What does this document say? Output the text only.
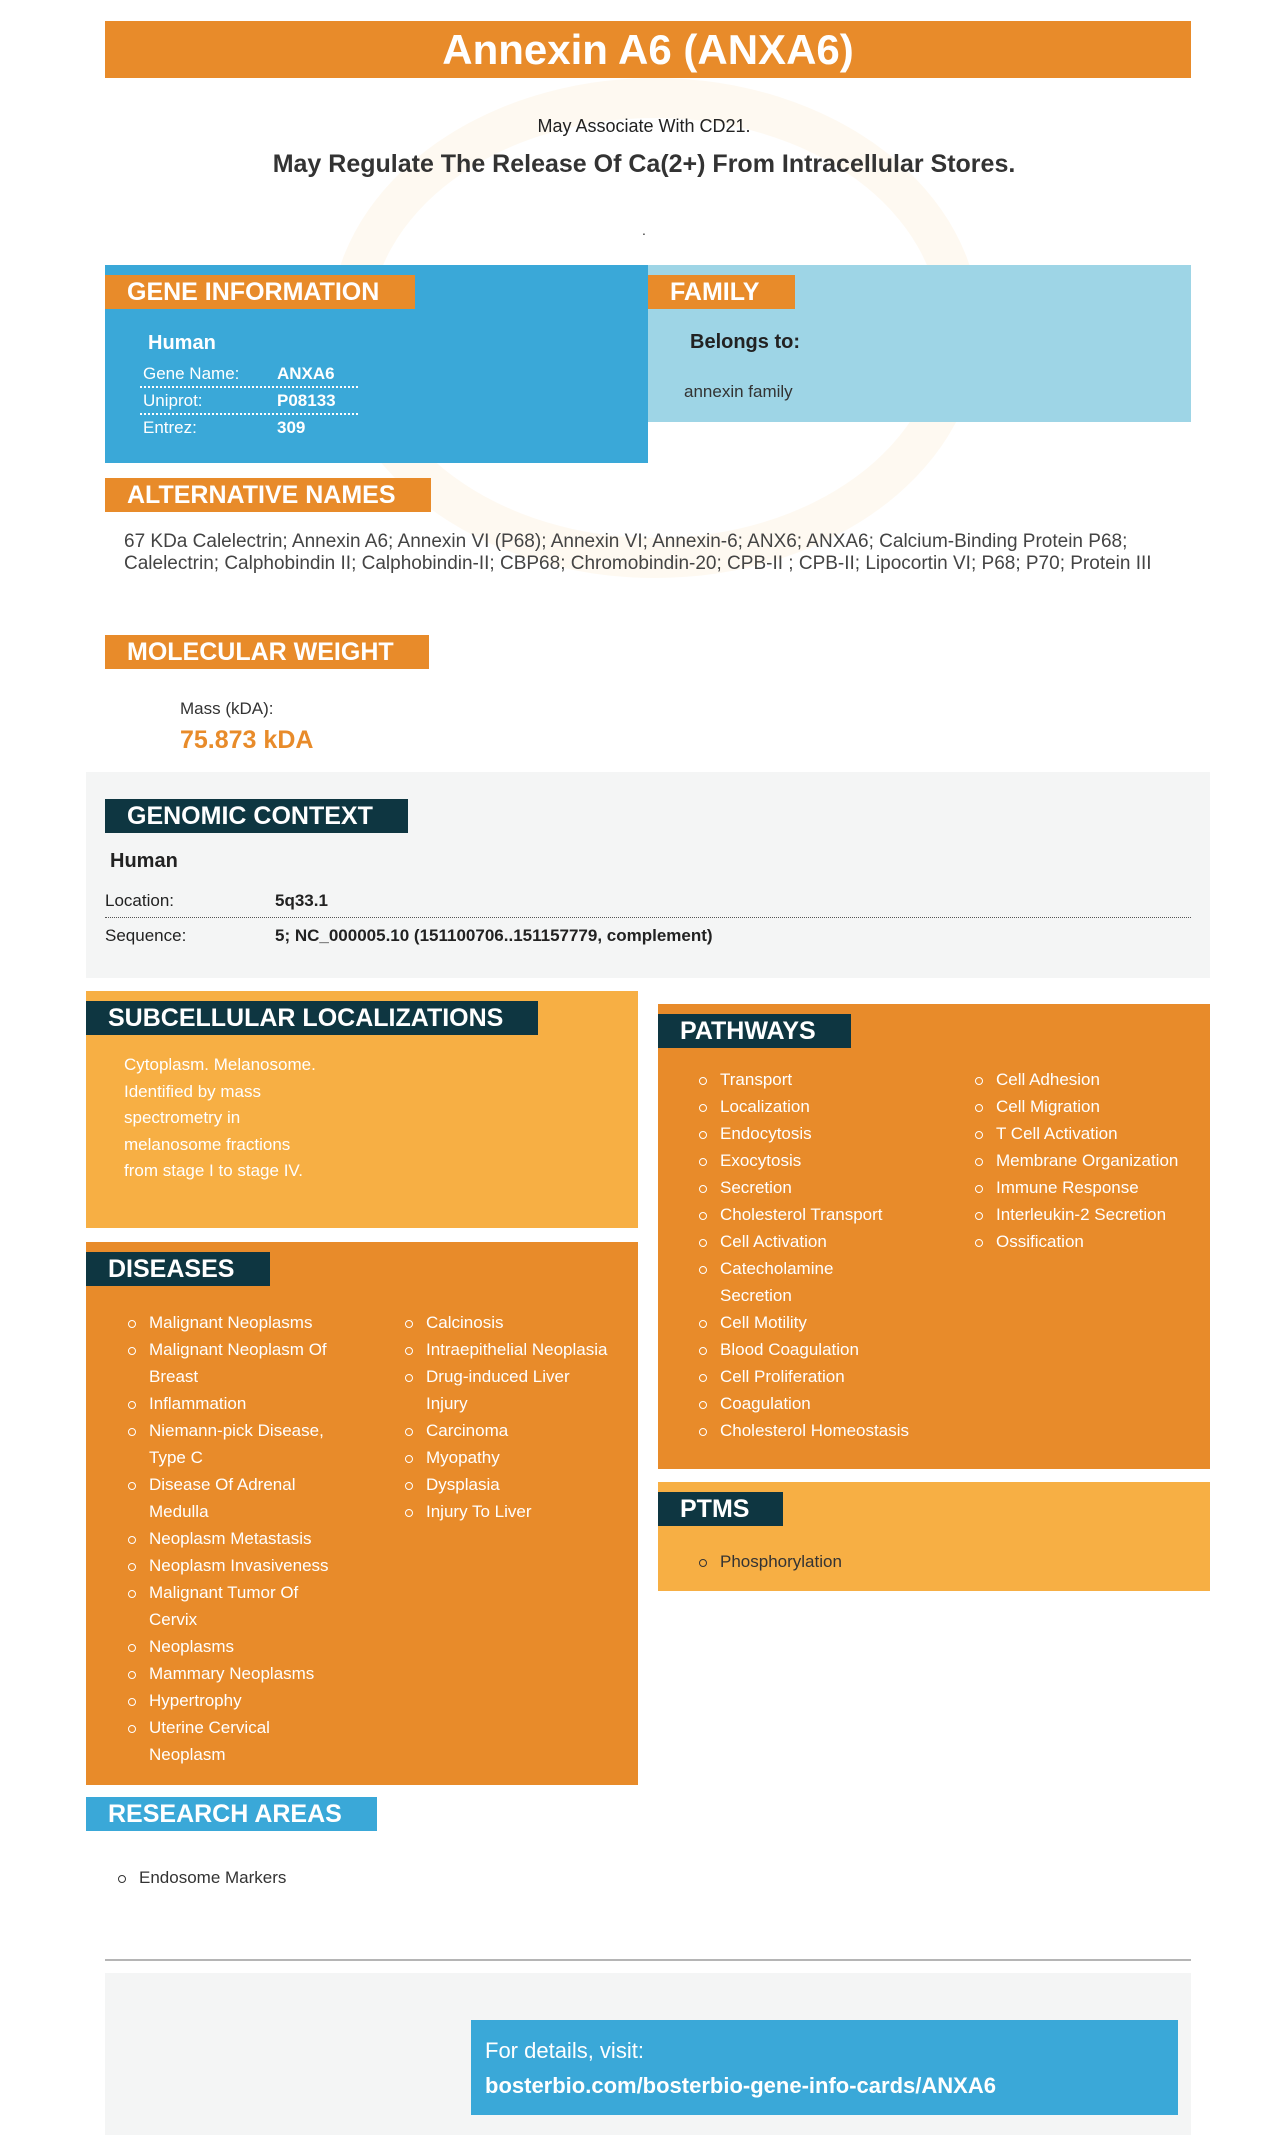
Annexin A6 (ANXA6)
May Associate With CD21.
May Regulate The Release Of Ca(2+) From Intracellular Stores.
.
GENE INFORMATION
Human
Gene Name: ANXA6
Uniprot:	P08133
Entrez:	309
FAMILY
Belongs to:
annexin family
ALTERNATIVE NAMES
67 KDa Calelectrin; Annexin A6; Annexin VI (P68); Annexin VI; Annexin-6; ANX6; ANXA6; Calcium-Binding Protein P68; Calelectrin; Calphobindin II; Calphobindin-II; CBP68; Chromobindin-20; CPB-II ; CPB-II; Lipocortin VI; P68; P70; Protein III
MOLECULAR WEIGHT
Mass (kDA):
75.873 kDA
GENOMIC CONTEXT
Human
Location:	5q33.1
Sequence:	5; NC_000005.10 (151100706..151157779, complement)
SUBCELLULAR LOCALIZATIONS
Cytoplasm. Melanosome.
Identified by mass
spectrometry in
melanosome fractions
from stage I to stage IV.
DISEASES
Malignant Neoplasms
Malignant Neoplasm Of
Breast
Inflammation
Niemann-pick Disease,
Type C
Disease Of Adrenal
Medulla
Neoplasm Metastasis
Neoplasm Invasiveness
Malignant Tumor Of
Cervix
Neoplasms
Mammary Neoplasms
Hypertrophy
Uterine Cervical
Neoplasm
Calcinosis
Intraepithelial Neoplasia
Drug-induced Liver
Injury
Carcinoma
Myopathy
Dysplasia
Injury To Liver
PATHWAYS
Transport
Localization
Endocytosis
Exocytosis
Secretion
Cholesterol Transport
Cell Activation
Catecholamine
Secretion
Cell Motility
Blood Coagulation
Cell Proliferation
Coagulation
Cholesterol Homeostasis
Cell Adhesion
Cell Migration
T Cell Activation
Membrane Organization
Immune Response
Interleukin-2 Secretion
Ossification
PTMS
Phosphorylation
RESEARCH AREAS
Endosome Markers
For details, visit:
bosterbio.com/bosterbio-gene-info-cards/ANXA6
